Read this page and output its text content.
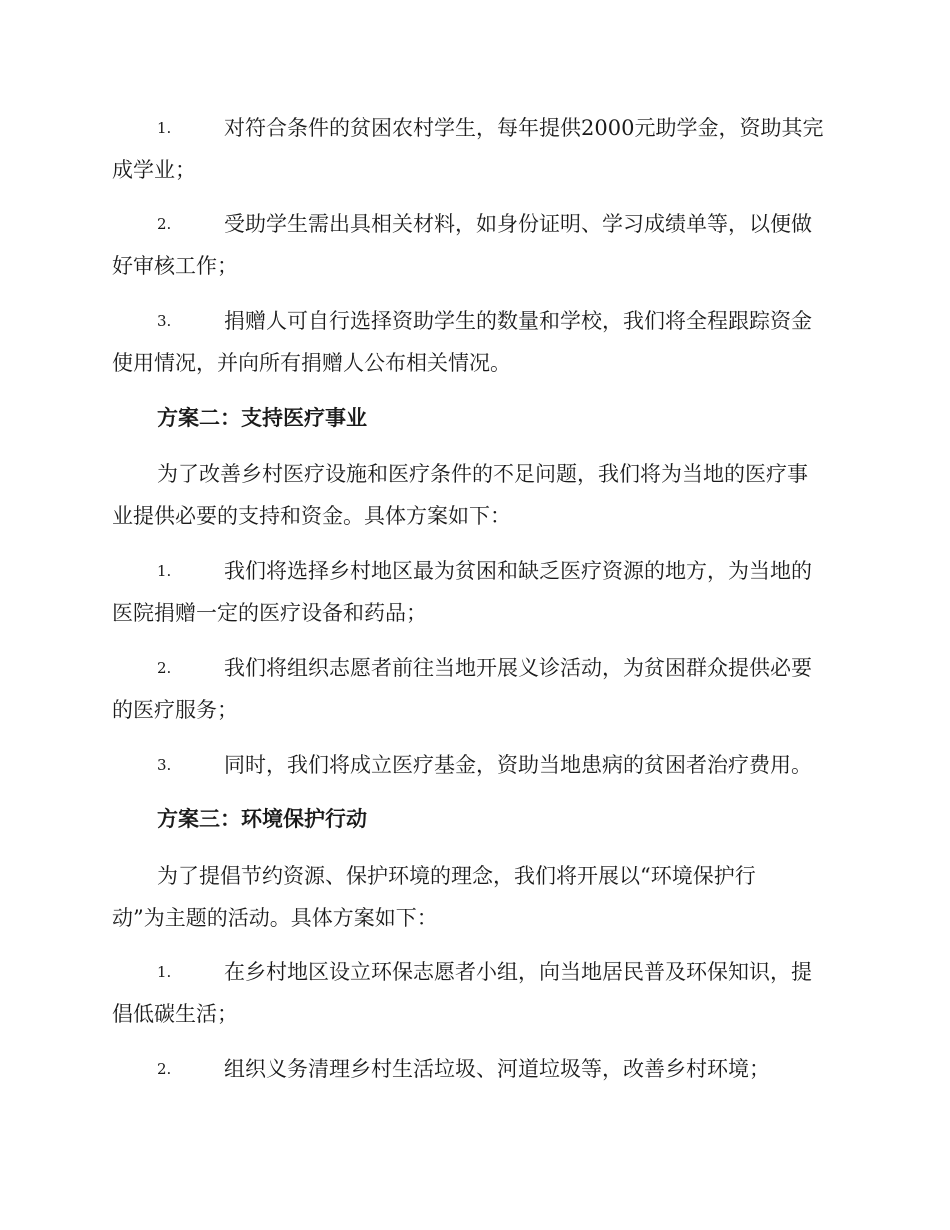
1.	对符合条件的贫困农村学生，每年提供2000元助学金，资助其完

成学业；

2.	受助学生需出具相关材料，如身份证明、学习成绩单等，以便做

好审核工作；

3.	捐赠人可自行选择资助学生的数量和学校，我们将全程跟踪资金

使用情况，并向所有捐赠人公布相关情况。

方案二：支持医疗事业

为了改善乡村医疗设施和医疗条件的不足问题，我们将为当地的医疗事

业提供必要的支持和资金。具体方案如下：

1.	我们将选择乡村地区最为贫困和缺乏医疗资源的地方，为当地的

医院捐赠一定的医疗设备和药品；

2.	我们将组织志愿者前往当地开展义诊活动，为贫困群众提供必要

的医疗服务；

3.	同时，我们将成立医疗基金，资助当地患病的贫困者治疗费用。

方案三：环境保护行动

为了提倡节约资源、保护环境的理念，我们将开展以“环境保护行

动”为主题的活动。具体方案如下：

1.	在乡村地区设立环保志愿者小组，向当地居民普及环保知识，提

倡低碳生活；

2.	组织义务清理乡村生活垃圾、河道垃圾等，改善乡村环境；
